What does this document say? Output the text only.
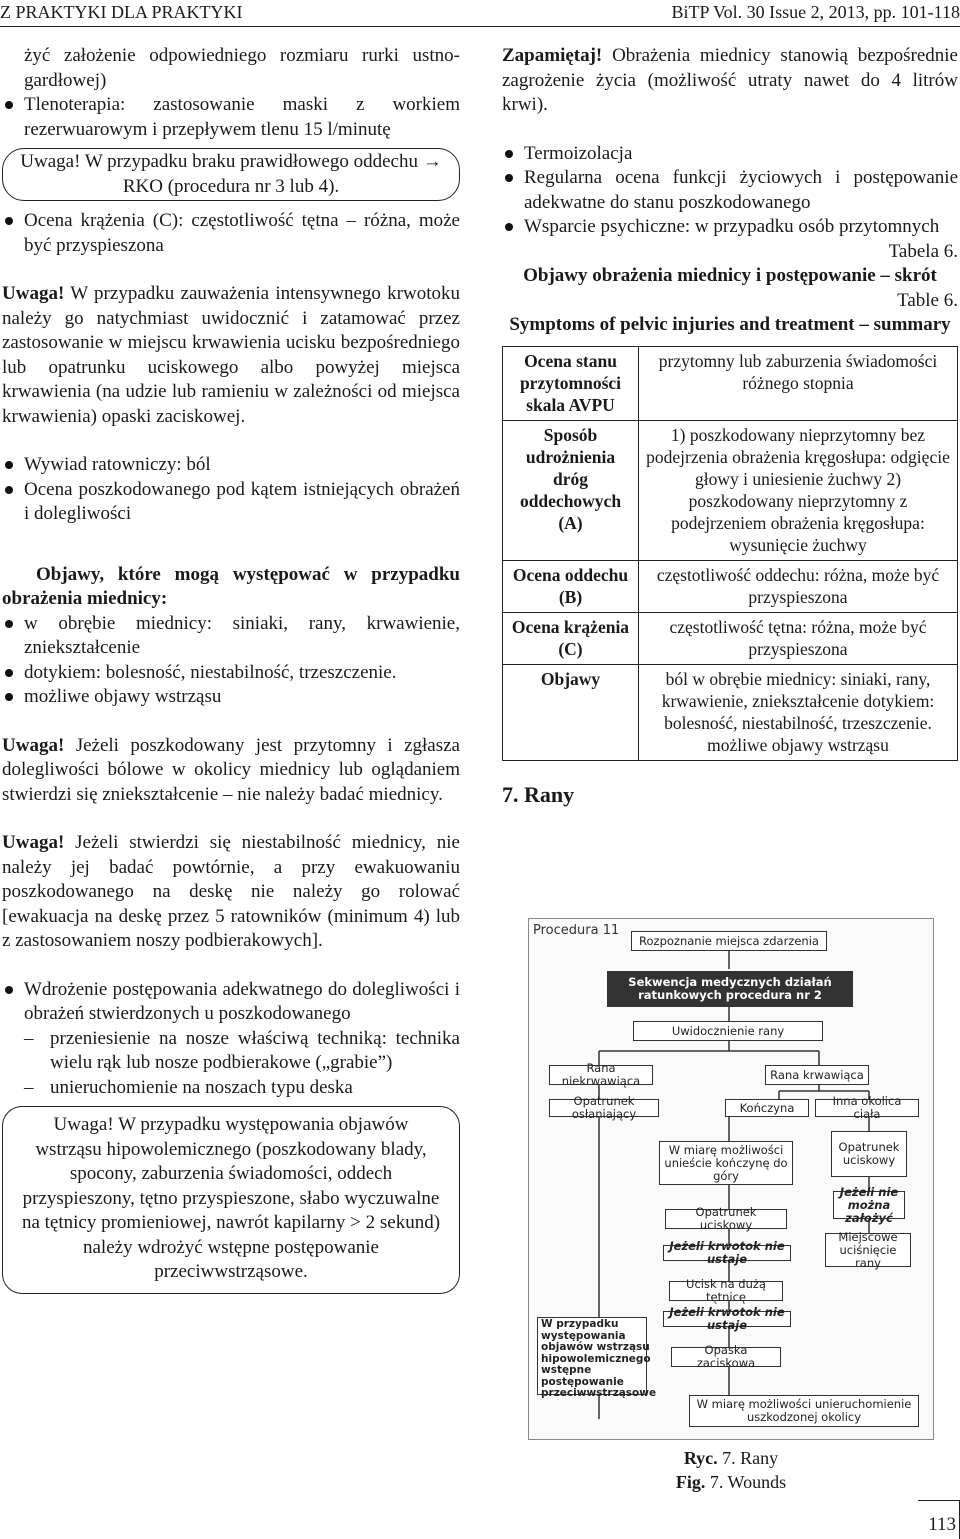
Z PRAKTYKI DLA PRAKTYKI	BiTP Vol. 30 Issue 2, 2013, pp. 101-118

żyć założenie odpowiedniego rozmiaru rurki ustno-gardłowej)

Tlenoterapia: zastosowanie maski z workiem rezerwuarowym i przepływem tlenu 15 l/minutę
Uwaga! W przypadku braku prawidłowego oddechu → RKO (procedura nr 3 lub 4).
Ocena krążenia (C): częstotliwość tętna – różna, może być przyspieszona

Uwaga! W przypadku zauważenia intensywnego krwotoku należy go natychmiast uwidocznić i zatamować przez zastosowanie w miejscu krwawienia ucisku bezpośredniego lub opatrunku uciskowego albo powyżej miejsca krwawienia (na udzie lub ramieniu w zależności od miejsca krwawienia) opaski zaciskowej.

Wywiad ratowniczy: ból
Ocena poszkodowanego pod kątem istniejących obrażeń i dolegliwości

Objawy, które mogą występować w przypadku obrażenia miednicy:

w obrębie miednicy: siniaki, rany, krwawienie, zniekształcenie
dotykiem: bolesność, niestabilność, trzeszczenie.
możliwe objawy wstrząsu

Uwaga! Jeżeli poszkodowany jest przytomny i zgłasza dolegliwości bólowe w okolicy miednicy lub oglądaniem stwierdzi się zniekształcenie – nie należy badać miednicy.

Uwaga! Jeżeli stwierdzi się niestabilność miednicy, nie należy jej badać powtórnie, a przy ewakuowaniu poszkodowanego na deskę nie należy go rolować [ewakuacja na deskę przez 5 ratowników (minimum 4) lub z zastosowaniem noszy podbierakowych].

Wdrożenie postępowania adekwatnego do dolegliwości i obrażeń stwierdzonych u poszkodowanego
– przeniesienie na nosze właściwą techniką: technika wielu rąk lub nosze podbierakowe („grabie”)
– unieruchomienie na noszach typu deska
Uwaga! W przypadku występowania objawów wstrząsu hipowolemicznego (poszkodowany blady, spocony, zaburzenia świadomości, oddech przyspieszony, tętno przyspieszone, słabo wyczuwalne na tętnicy promieniowej, nawrót kapilarny > 2 sekund) należy wdrożyć wstępne postępowanie przeciwwstrząsowe.

Zapamiętaj! Obrażenia miednicy stanowią bezpośrednie zagrożenie życia (możliwość utraty nawet do 4 litrów krwi).

Termoizolacja
Regularna ocena funkcji życiowych i postępowanie adekwatne do stanu poszkodowanego
Wsparcie psychiczne: w przypadku osób przytomnych

Tabela 6.

Objawy obrażenia miednicy i postępowanie – skrót

Table 6.

Symptoms of pelvic injuries and treatment – summary

Ocena stanu przytomności skala AVPU	przytomny lub zaburzenia świadomości różnego stopnia
Sposób udrożnienia dróg oddechowych (A)	1) poszkodowany nieprzytomny bez podejrzenia obrażenia kręgosłupa: odgięcie głowy i uniesienie żuchwy 2) poszkodowany nieprzytomny z podejrzeniem obrażenia kręgosłupa: wysunięcie żuchwy
Ocena oddechu (B)	częstotliwość oddechu: różna, może być przyspieszona
Ocena krążenia (C)	częstotliwość tętna: różna, może być przyspieszona
Objawy	ból w obrębie miednicy: siniaki, rany, krwawienie, zniekształcenie dotykiem: bolesność, niestabilność, trzeszczenie. możliwe objawy wstrząsu

7. Rany

Procedura 11
Rozpoznanie miejsca zdarzenia
Sekwencja medycznych działań ratunkowych procedura nr 2
Uwidocznienie rany
Rana niekrwawiąca	Rana krwawiąca
Opatrunek osłaniający	Kończyna	Inna okolica ciała
W miarę możliwości unieście kończynę do góry
Opatrunek uciskowy
Opatrunek uciskowy
Jeżeli nie można założyć
Jeżeli krwotok nie ustaje
Miejscowe uciśnięcie rany
Ucisk na dużą tętnicę
Jeżeli krwotok nie ustaje
W przypadku występowania objawów wstrząsu hipowolemicznego wstępne postępowanie przeciwwstrząsowe
Opaska zaciskowa
W miarę możliwości unieruchomienie uszkodzonej okolicy
Ryc. 7. Rany
Fig. 7. Wounds
113
